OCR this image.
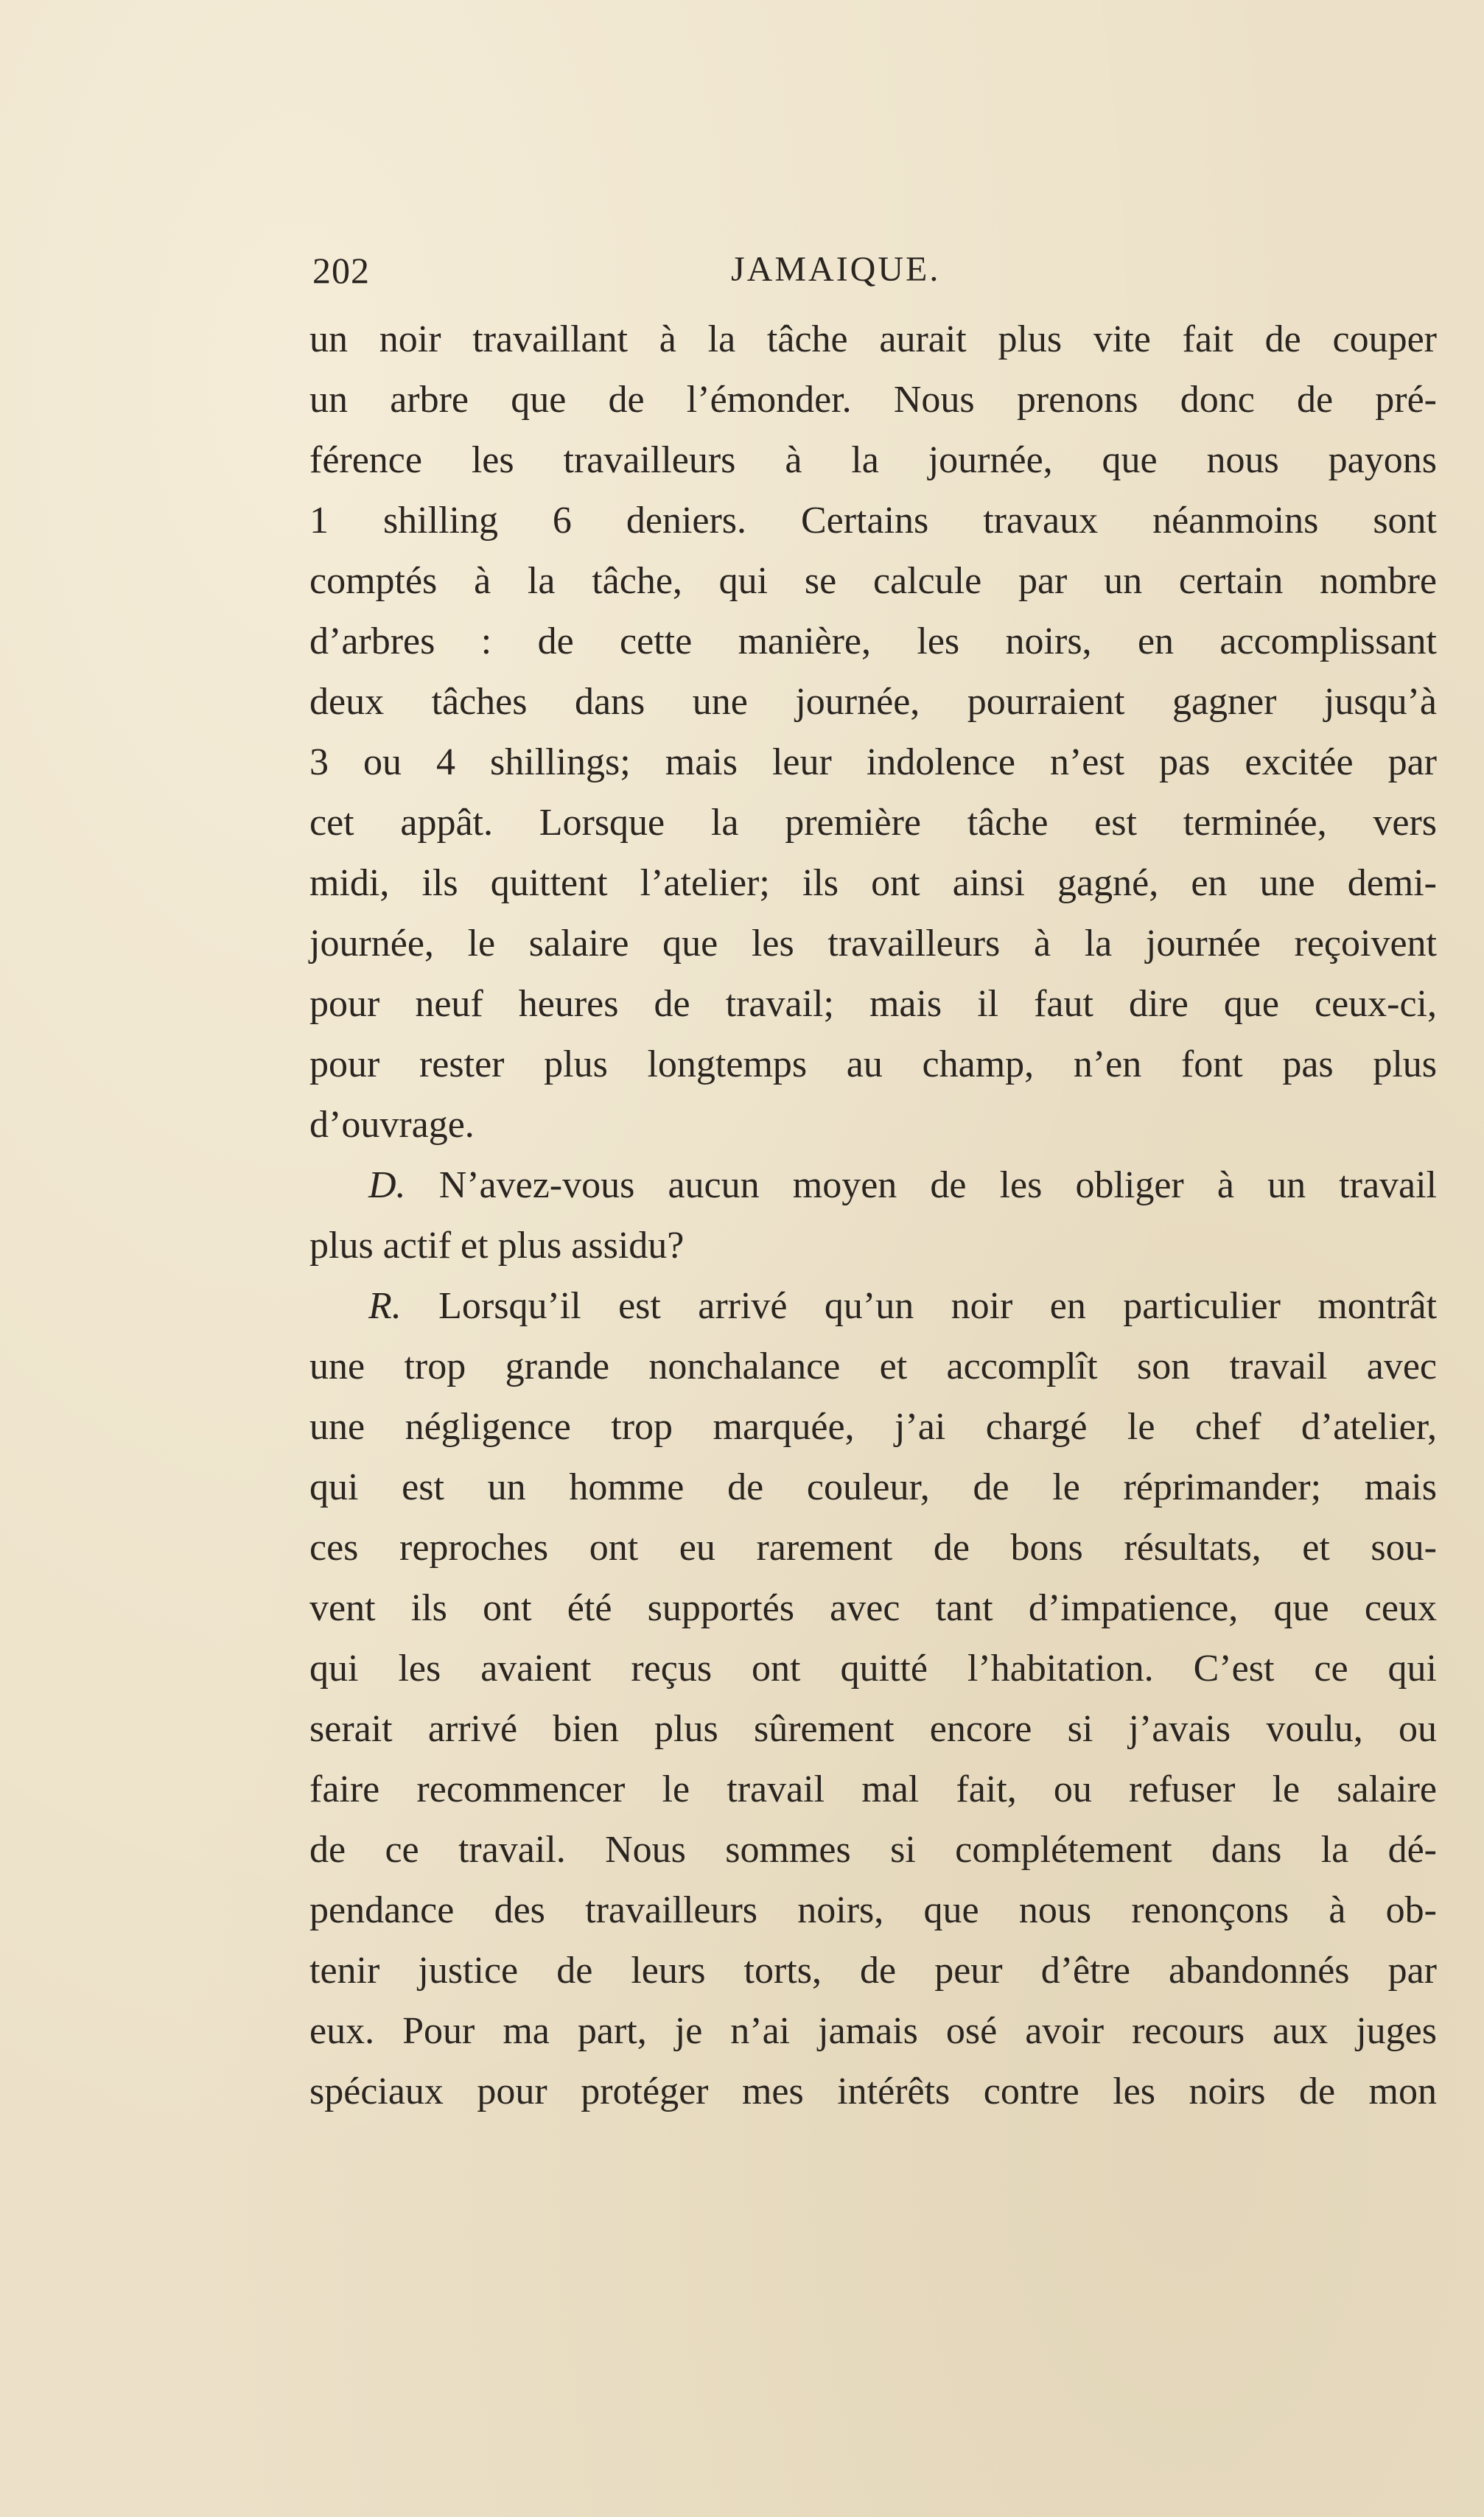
202	JAMAIQUE.
un noir travaillant à la tâche aurait plus vite fait de couper
un arbre que de l’émonder. Nous prenons donc de pré-
férence les travailleurs à la journée, que nous payons
1 shilling 6 deniers. Certains travaux néanmoins sont
comptés à la tâche, qui se calcule par un certain nombre
d’arbres : de cette manière, les noirs, en accomplissant
deux tâches dans une journée, pourraient gagner jusqu’à
3 ou 4 shillings; mais leur indolence n’est pas excitée par
cet appât. Lorsque la première tâche est terminée, vers
midi, ils quittent l’atelier; ils ont ainsi gagné, en une demi-
journée, le salaire que les travailleurs à la journée reçoivent
pour neuf heures de travail; mais il faut dire que ceux-ci,
pour rester plus longtemps au champ, n’en font pas plus
d’ouvrage.
D. N’avez-vous aucun moyen de les obliger à un travail
plus actif et plus assidu?
R. Lorsqu’il est arrivé qu’un noir en particulier montrât
une trop grande nonchalance et accomplît son travail avec
une négligence trop marquée, j’ai chargé le chef d’atelier,
qui est un homme de couleur, de le réprimander; mais
ces reproches ont eu rarement de bons résultats, et sou-
vent ils ont été supportés avec tant d’impatience, que ceux
qui les avaient reçus ont quitté l’habitation. C’est ce qui
serait arrivé bien plus sûrement encore si j’avais voulu, ou
faire recommencer le travail mal fait, ou refuser le salaire
de ce travail. Nous sommes si complétement dans la dé-
pendance des travailleurs noirs, que nous renonçons à ob-
tenir justice de leurs torts, de peur d’être abandonnés par
eux. Pour ma part, je n’ai jamais osé avoir recours aux juges
spéciaux pour protéger mes intérêts contre les noirs de mon
